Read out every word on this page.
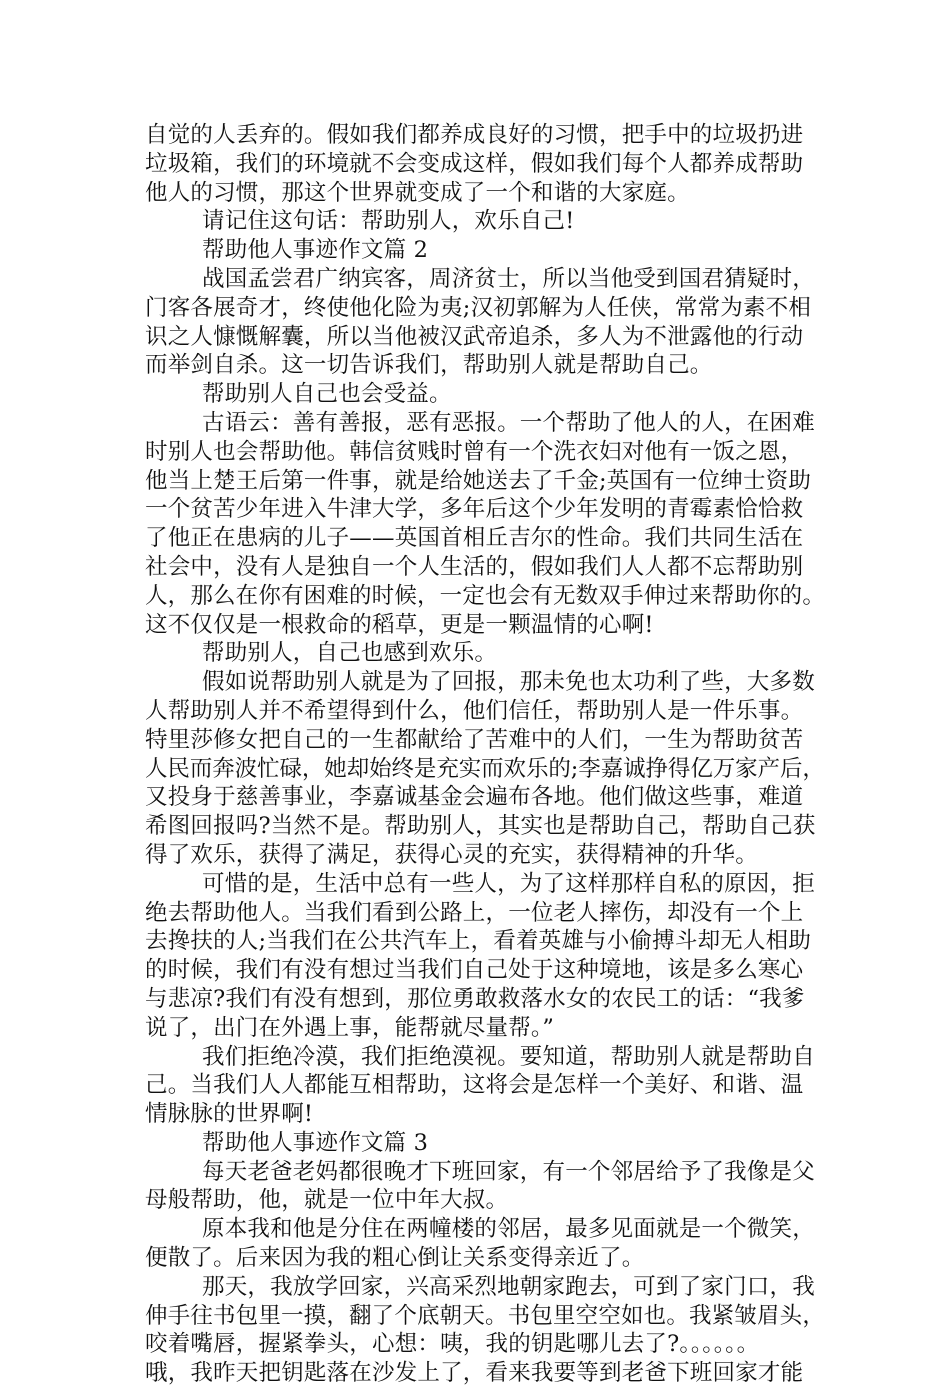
自觉的人丢弃的。假如我们都养成良好的习惯，把手中的垃圾扔进
垃圾箱，我们的环境就不会变成这样，假如我们每个人都养成帮助
他人的习惯，那这个世界就变成了一个和谐的大家庭。
请记住这句话：帮助别人，欢乐自己!
帮助他人事迹作文篇 2
战国孟尝君广纳宾客，周济贫士，所以当他受到国君猜疑时，
门客各展奇才，终使他化险为夷;汉初郭解为人任侠，常常为素不相
识之人慷慨解囊，所以当他被汉武帝追杀，多人为不泄露他的行动
而举剑自杀。这一切告诉我们，帮助别人就是帮助自己。
帮助别人自己也会受益。
古语云：善有善报，恶有恶报。一个帮助了他人的人，在困难
时别人也会帮助他。韩信贫贱时曾有一个洗衣妇对他有一饭之恩，
他当上楚王后第一件事，就是给她送去了千金;英国有一位绅士资助
一个贫苦少年进入牛津大学，多年后这个少年发明的青霉素恰恰救
了他正在患病的儿子——英国首相丘吉尔的性命。我们共同生活在
社会中，没有人是独自一个人生活的，假如我们人人都不忘帮助别
人，那么在你有困难的时候，一定也会有无数双手伸过来帮助你的。
这不仅仅是一根救命的稻草，更是一颗温情的心啊!
帮助别人，自己也感到欢乐。
假如说帮助别人就是为了回报，那未免也太功利了些，大多数
人帮助别人并不希望得到什么，他们信任，帮助别人是一件乐事。
特里莎修女把自己的一生都献给了苦难中的人们，一生为帮助贫苦
人民而奔波忙碌，她却始终是充实而欢乐的;李嘉诚挣得亿万家产后，
又投身于慈善事业，李嘉诚基金会遍布各地。他们做这些事，难道
希图回报吗?当然不是。帮助别人，其实也是帮助自己，帮助自己获
得了欢乐，获得了满足，获得心灵的充实，获得精神的升华。
可惜的是，生活中总有一些人，为了这样那样自私的原因，拒
绝去帮助他人。当我们看到公路上，一位老人摔伤，却没有一个上
去搀扶的人;当我们在公共汽车上，看着英雄与小偷搏斗却无人相助
的时候，我们有没有想过当我们自己处于这种境地，该是多么寒心
与悲凉?我们有没有想到，那位勇敢救落水女的农民工的话：“我爹
说了，出门在外遇上事，能帮就尽量帮。”
我们拒绝冷漠，我们拒绝漠视。要知道，帮助别人就是帮助自
己。当我们人人都能互相帮助，这将会是怎样一个美好、和谐、温
情脉脉的世界啊!
帮助他人事迹作文篇 3
每天老爸老妈都很晚才下班回家，有一个邻居给予了我像是父
母般帮助，他，就是一位中年大叔。
原本我和他是分住在两幢楼的邻居，最多见面就是一个微笑，
便散了。后来因为我的粗心倒让关系变得亲近了。
那天，我放学回家，兴高采烈地朝家跑去，可到了家门口，我
伸手往书包里一摸，翻了个底朝天。书包里空空如也。我紧皱眉头，
咬着嘴唇，握紧拳头，心想：咦，我的钥匙哪儿去了?。。。。。。
哦，我昨天把钥匙落在沙发上了，看来我要等到老爸下班回家才能
